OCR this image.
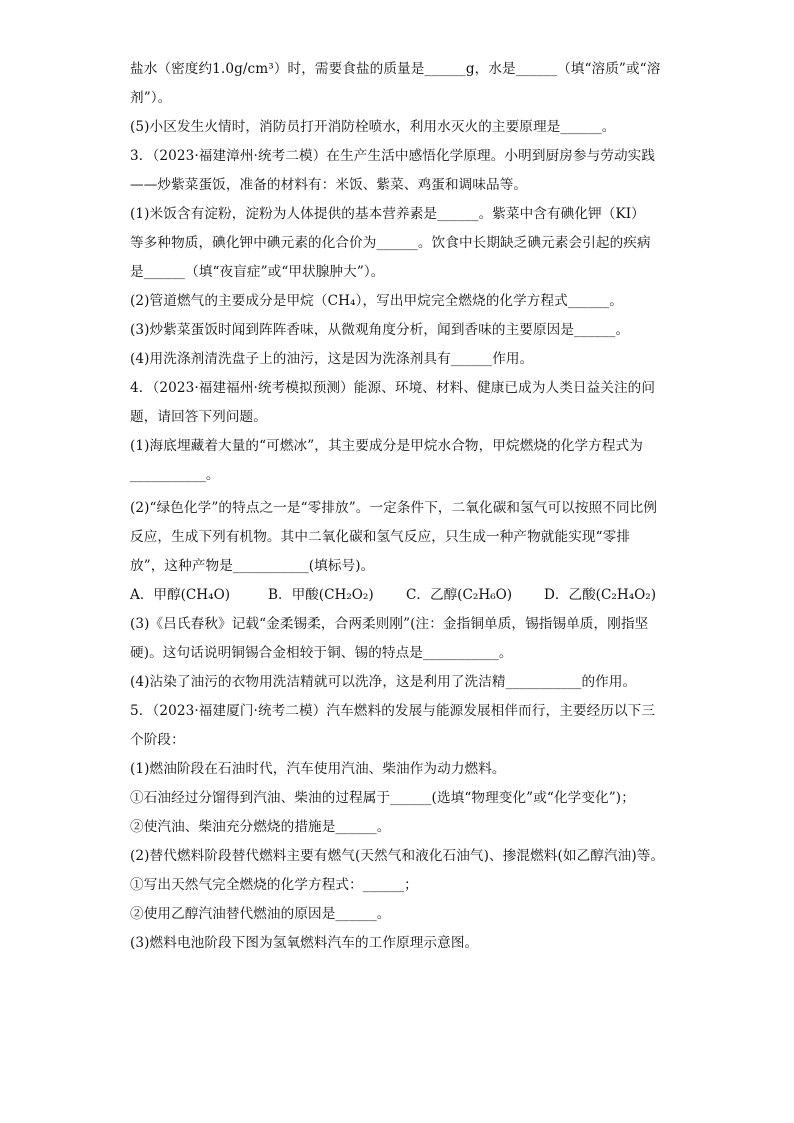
盐水（密度约1.0g/cm³）时，需要食盐的质量是______g，水是______（填“溶质”或“溶
剂”）。
(5)小区发生火情时，消防员打开消防栓喷水，利用水灭火的主要原理是______。
3．（2023·福建漳州·统考二模）在生产生活中感悟化学原理。小明到厨房参与劳动实践
——炒紫菜蛋饭，准备的材料有：米饭、紫菜、鸡蛋和调味品等。
(1)米饭含有淀粉，淀粉为人体提供的基本营养素是______。紫菜中含有碘化钾（KI）
等多种物质，碘化钾中碘元素的化合价为______。饮食中长期缺乏碘元素会引起的疾病
是______（填“夜盲症”或“甲状腺肿大”）。
(2)管道燃气的主要成分是甲烷（CH₄），写出甲烷完全燃烧的化学方程式______。
(3)炒紫菜蛋饭时闻到阵阵香味，从微观角度分析，闻到香味的主要原因是______。
(4)用洗涤剂清洗盘子上的油污，这是因为洗涤剂具有______作用。
4．（2023·福建福州·统考模拟预测）能源、环境、材料、健康已成为人类日益关注的问
题，请回答下列问题。
(1)海底埋藏着大量的“可燃冰”，其主要成分是甲烷水合物，甲烷燃烧的化学方程式为
___________。
(2)“绿色化学”的特点之一是“零排放”。一定条件下，二氧化碳和氢气可以按照不同比例
反应，生成下列有机物。其中二氧化碳和氢气反应，只生成一种产物就能实现“零排
放”，这种产物是___________(填标号)。
A．甲醇(CH₄O)	B．甲酸(CH₂O₂)	C．乙醇(C₂H₆O)	D．乙酸(C₂H₄O₂)
(3)《吕氏春秋》记载“金柔锡柔，合两柔则刚”(注：金指铜单质，锡指锡单质，刚指坚
硬)。这句话说明铜锡合金相较于铜、锡的特点是___________。
(4)沾染了油污的衣物用洗洁精就可以洗净，这是利用了洗洁精___________的作用。
5．（2023·福建厦门·统考二模）汽车燃料的发展与能源发展相伴而行，主要经历以下三
个阶段：
(1)燃油阶段在石油时代，汽车使用汽油、柴油作为动力燃料。
①石油经过分馏得到汽油、柴油的过程属于______(选填“物理变化”或“化学变化”)；
②使汽油、柴油充分燃烧的措施是______。
(2)替代燃料阶段替代燃料主要有燃气(天然气和液化石油气)、掺混燃料(如乙醇汽油)等。
①写出天然气完全燃烧的化学方程式：______；
②使用乙醇汽油替代燃油的原因是______。
(3)燃料电池阶段下图为氢氧燃料汽车的工作原理示意图。
